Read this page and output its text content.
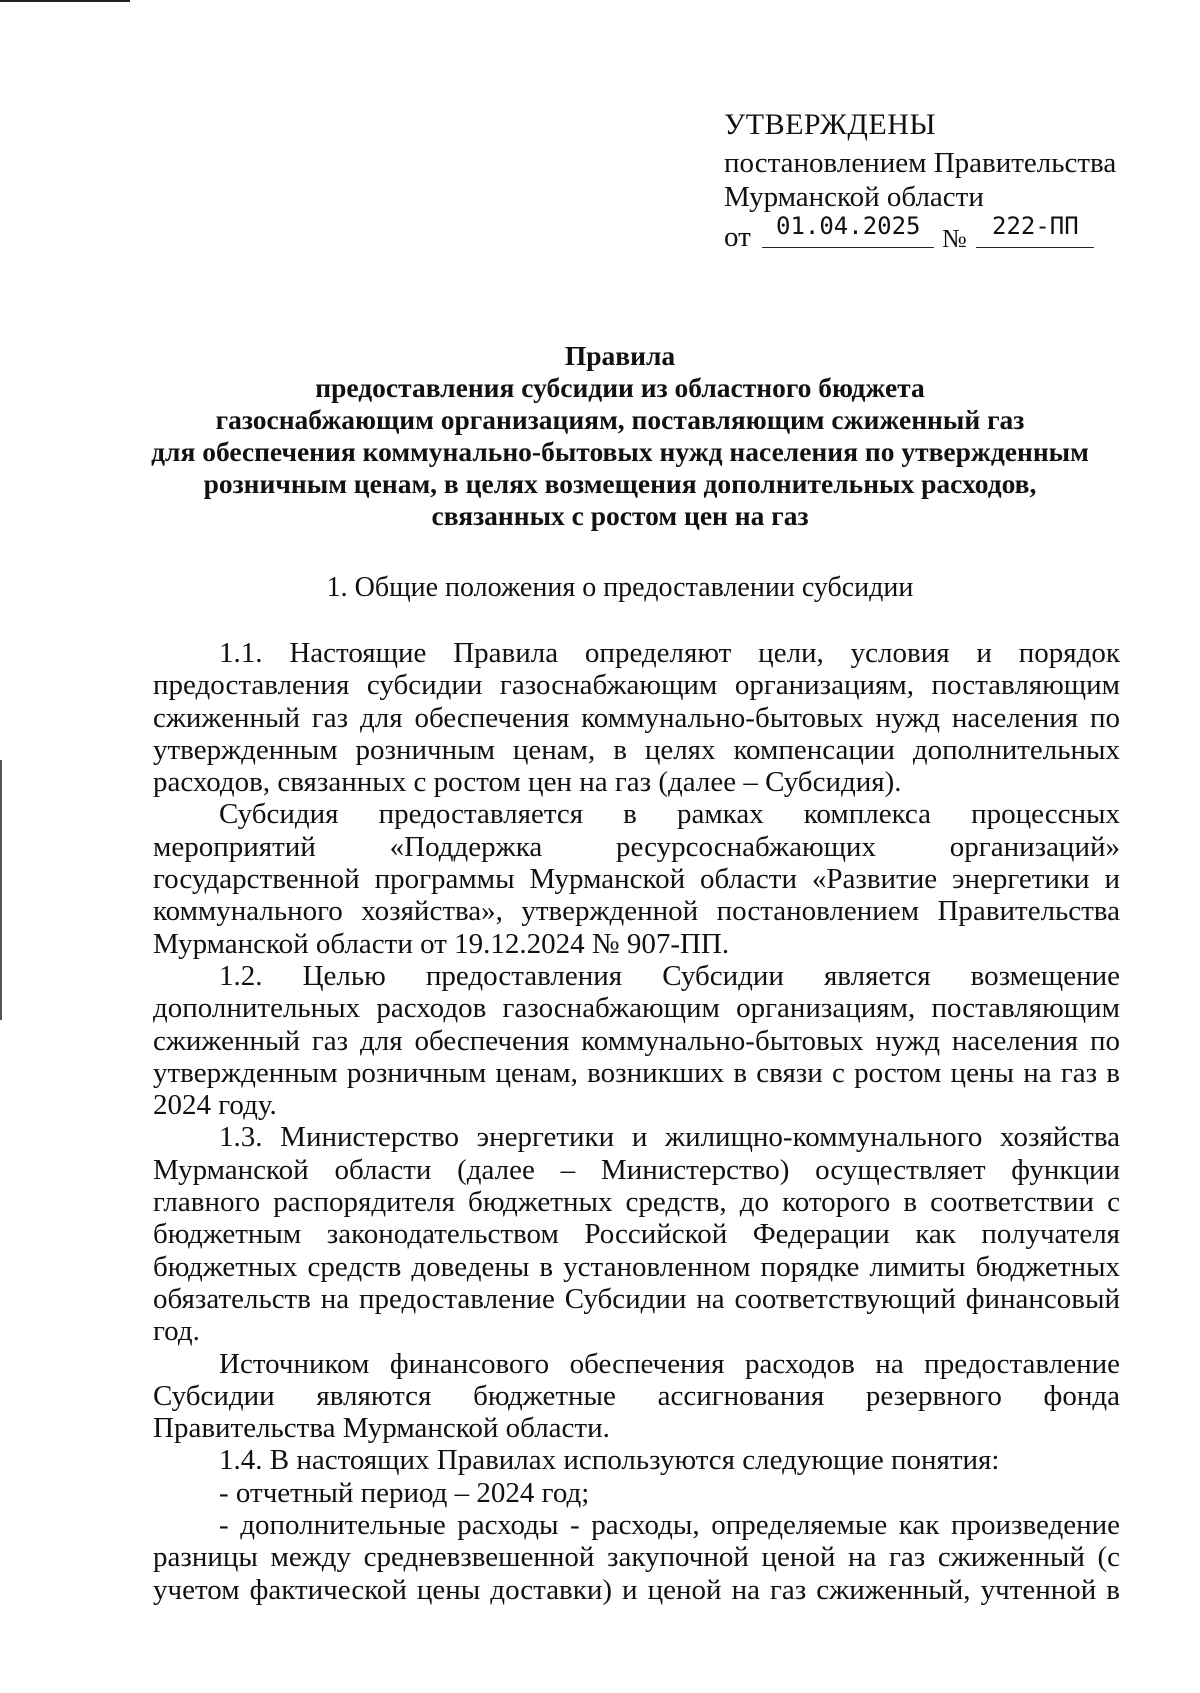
УТВЕРЖДЕНЫ
постановлением Правительства
Мурманской области
от	01.04.2025 №	222-ПП
Правила
предоставления субсидии из областного бюджета
газоснабжающим организациям, поставляющим сжиженный газ
для обеспечения коммунально-бытовых нужд населения по утвержденным
розничным ценам, в целях возмещения дополнительных расходов,
связанных с ростом цен на газ
1. Общие положения о предоставлении субсидии

1.1. Настоящие Правила определяют цели, условия и порядок предоставления субсидии газоснабжающим организациям, поставляющим сжиженный газ для обеспечения коммунально-бытовых нужд населения по утвержденным розничным ценам, в целях компенсации дополнительных расходов, связанных с ростом цен на газ (далее – Субсидия).

Субсидия предоставляется в рамках комплекса процессных мероприятий «Поддержка ресурсоснабжающих организаций» государственной программы Мурманской области «Развитие энергетики и коммунального хозяйства», утвержденной постановлением Правительства Мурманской области от 19.12.2024 № 907-ПП.

1.2. Целью предоставления Субсидии является возмещение дополнительных расходов газоснабжающим организациям, поставляющим сжиженный газ для обеспечения коммунально-бытовых нужд населения по утвержденным розничным ценам, возникших в связи с ростом цены на газ в 2024 году.

1.3. Министерство энергетики и жилищно-коммунального хозяйства Мурманской области (далее – Министерство) осуществляет функции главного распорядителя бюджетных средств, до которого в соответствии с бюджетным законодательством Российской Федерации как получателя бюджетных средств доведены в установленном порядке лимиты бюджетных обязательств на предоставление Субсидии на соответствующий финансовый год.

Источником финансового обеспечения расходов на предоставление Субсидии являются бюджетные ассигнования резервного фонда Правительства Мурманской области.

1.4. В настоящих Правилах используются следующие понятия:

- отчетный период – 2024 год;

- дополнительные расходы - расходы, определяемые как произведение разницы между средневзвешенной закупочной ценой на газ сжиженный (с учетом фактической цены доставки) и ценой на газ сжиженный, учтенной в
